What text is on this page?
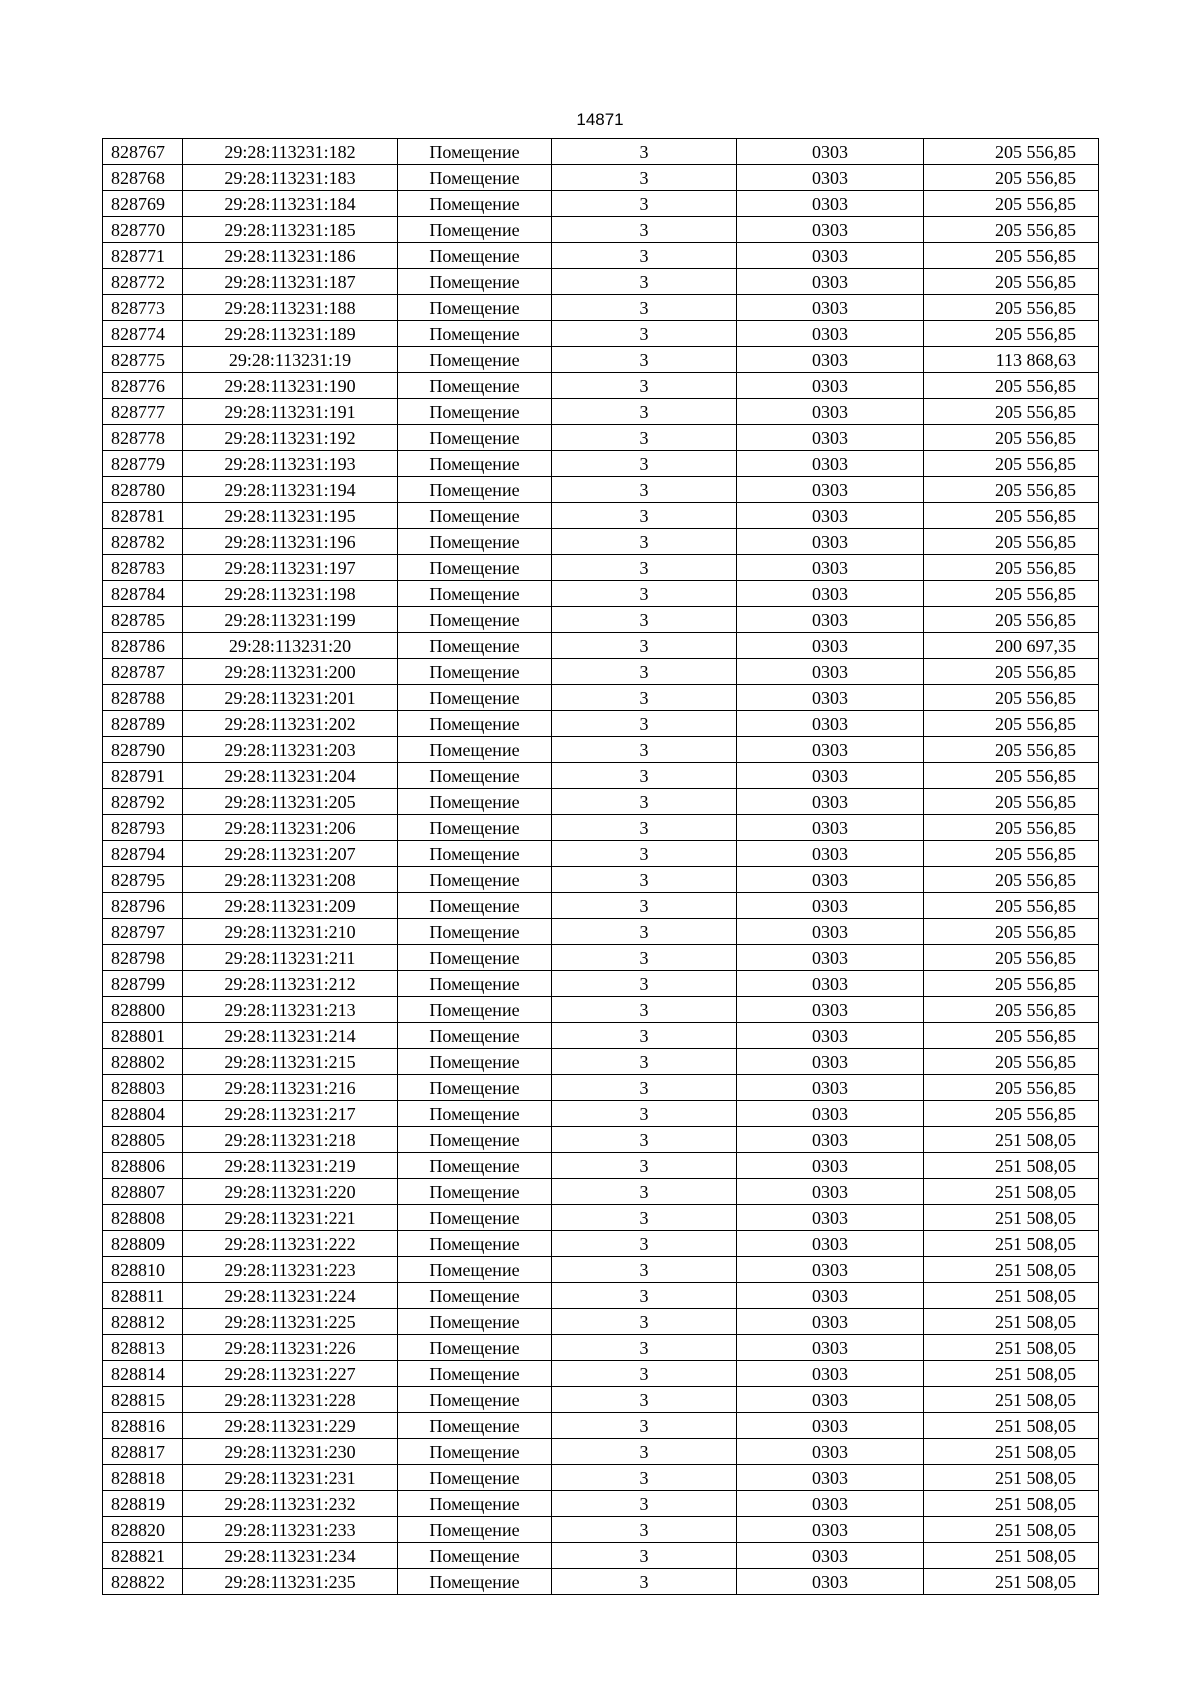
14871
828767	29:28:113231:182	Помещение	3	0303	205 556,85
828768	29:28:113231:183	Помещение	3	0303	205 556,85
828769	29:28:113231:184	Помещение	3	0303	205 556,85
828770	29:28:113231:185	Помещение	3	0303	205 556,85
828771	29:28:113231:186	Помещение	3	0303	205 556,85
828772	29:28:113231:187	Помещение	3	0303	205 556,85
828773	29:28:113231:188	Помещение	3	0303	205 556,85
828774	29:28:113231:189	Помещение	3	0303	205 556,85
828775	29:28:113231:19	Помещение	3	0303	113 868,63
828776	29:28:113231:190	Помещение	3	0303	205 556,85
828777	29:28:113231:191	Помещение	3	0303	205 556,85
828778	29:28:113231:192	Помещение	3	0303	205 556,85
828779	29:28:113231:193	Помещение	3	0303	205 556,85
828780	29:28:113231:194	Помещение	3	0303	205 556,85
828781	29:28:113231:195	Помещение	3	0303	205 556,85
828782	29:28:113231:196	Помещение	3	0303	205 556,85
828783	29:28:113231:197	Помещение	3	0303	205 556,85
828784	29:28:113231:198	Помещение	3	0303	205 556,85
828785	29:28:113231:199	Помещение	3	0303	205 556,85
828786	29:28:113231:20	Помещение	3	0303	200 697,35
828787	29:28:113231:200	Помещение	3	0303	205 556,85
828788	29:28:113231:201	Помещение	3	0303	205 556,85
828789	29:28:113231:202	Помещение	3	0303	205 556,85
828790	29:28:113231:203	Помещение	3	0303	205 556,85
828791	29:28:113231:204	Помещение	3	0303	205 556,85
828792	29:28:113231:205	Помещение	3	0303	205 556,85
828793	29:28:113231:206	Помещение	3	0303	205 556,85
828794	29:28:113231:207	Помещение	3	0303	205 556,85
828795	29:28:113231:208	Помещение	3	0303	205 556,85
828796	29:28:113231:209	Помещение	3	0303	205 556,85
828797	29:28:113231:210	Помещение	3	0303	205 556,85
828798	29:28:113231:211	Помещение	3	0303	205 556,85
828799	29:28:113231:212	Помещение	3	0303	205 556,85
828800	29:28:113231:213	Помещение	3	0303	205 556,85
828801	29:28:113231:214	Помещение	3	0303	205 556,85
828802	29:28:113231:215	Помещение	3	0303	205 556,85
828803	29:28:113231:216	Помещение	3	0303	205 556,85
828804	29:28:113231:217	Помещение	3	0303	205 556,85
828805	29:28:113231:218	Помещение	3	0303	251 508,05
828806	29:28:113231:219	Помещение	3	0303	251 508,05
828807	29:28:113231:220	Помещение	3	0303	251 508,05
828808	29:28:113231:221	Помещение	3	0303	251 508,05
828809	29:28:113231:222	Помещение	3	0303	251 508,05
828810	29:28:113231:223	Помещение	3	0303	251 508,05
828811	29:28:113231:224	Помещение	3	0303	251 508,05
828812	29:28:113231:225	Помещение	3	0303	251 508,05
828813	29:28:113231:226	Помещение	3	0303	251 508,05
828814	29:28:113231:227	Помещение	3	0303	251 508,05
828815	29:28:113231:228	Помещение	3	0303	251 508,05
828816	29:28:113231:229	Помещение	3	0303	251 508,05
828817	29:28:113231:230	Помещение	3	0303	251 508,05
828818	29:28:113231:231	Помещение	3	0303	251 508,05
828819	29:28:113231:232	Помещение	3	0303	251 508,05
828820	29:28:113231:233	Помещение	3	0303	251 508,05
828821	29:28:113231:234	Помещение	3	0303	251 508,05
828822	29:28:113231:235	Помещение	3	0303	251 508,05
